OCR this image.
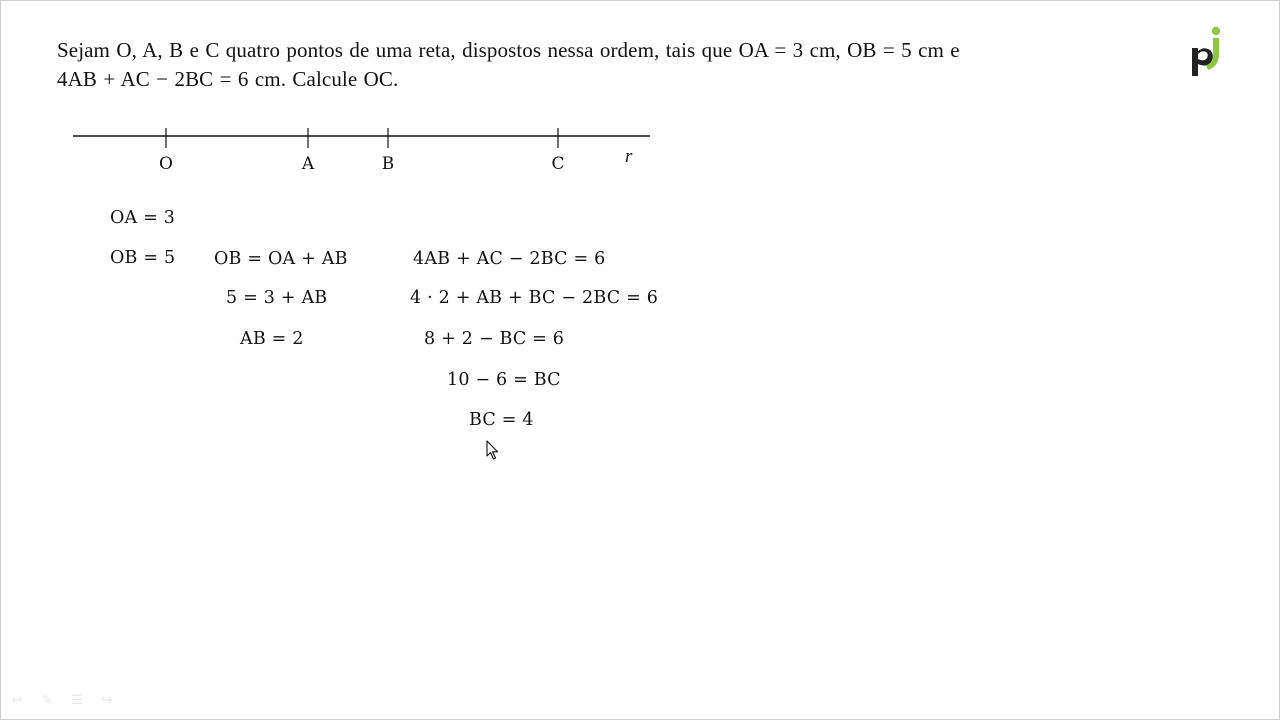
Sejam O, A, B e C quatro pontos de uma reta, dispostos nessa ordem, tais que OA = 3 cm, OB = 5 cm e
4AB + AC − 2BC = 6 cm. Calcule OC.
O	A	B	C	r
OA = 3
OB = 5 OB = OA + AB
5 = 3 + AB
AB = 2
4AB + AC − 2BC = 6
4 · 2 + AB + BC − 2BC = 6
8 + 2 − BC = 6
10 − 6 = BC
BC = 4
↩ ✎ ☰ ↪
